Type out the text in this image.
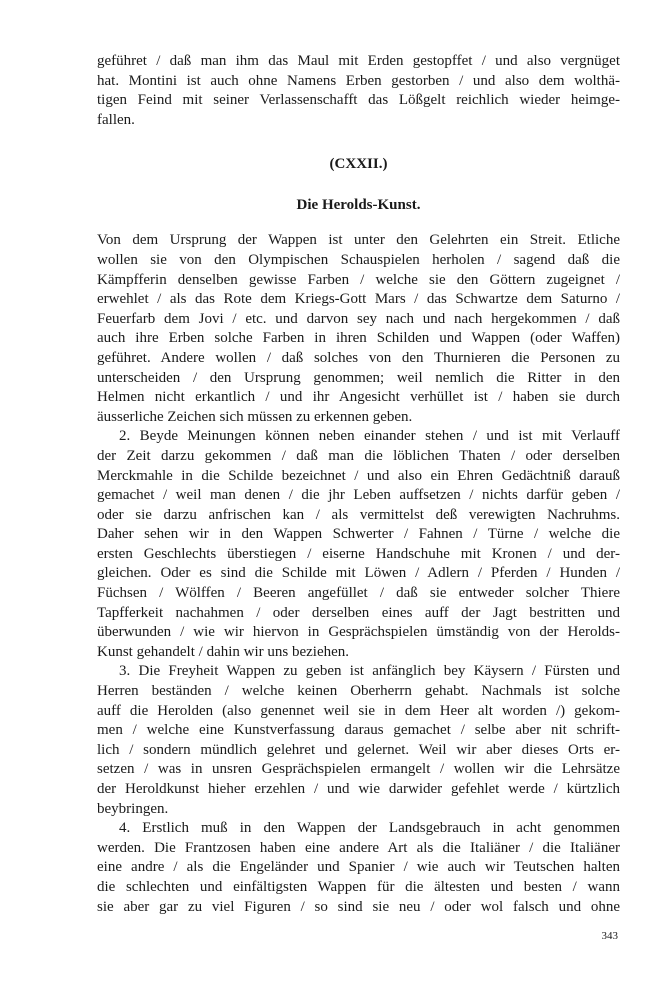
geführet / daß man ihm das Maul mit Erden gestopffet / und also vergnüget
hat. Montini ist auch ohne Namens Erben gestorben / und also dem wolthä-
tigen Feind mit seiner Verlassenschafft das Lößgelt reichlich wieder heimge-
fallen.
(CXXII.)
Die Herolds-Kunst.
Von dem Ursprung der Wappen ist unter den Gelehrten ein Streit. Etliche
wollen sie von den Olympischen Schauspielen herholen / sagend daß die
Kämpfferin denselben gewisse Farben / welche sie den Göttern zugeignet /
erwehlet / als das Rote dem Kriegs-Gott Mars / das Schwartze dem Saturno /
Feuerfarb dem Jovi / etc. und darvon sey nach und nach hergekommen / daß
auch ihre Erben solche Farben in ihren Schilden und Wappen (oder Waffen)
geführet. Andere wollen / daß solches von den Thurnieren die Personen zu
unterscheiden / den Ursprung genommen; weil nemlich die Ritter in den
Helmen nicht erkantlich / und ihr Angesicht verhüllet ist / haben sie durch
äusserliche Zeichen sich müssen zu erkennen geben.
2. Beyde Meinungen können neben einander stehen / und ist mit Verlauff
der Zeit darzu gekommen / daß man die löblichen Thaten / oder derselben
Merckmahle in die Schilde bezeichnet / und also ein Ehren Gedächtniß darauß
gemachet / weil man denen / die jhr Leben auffsetzen / nichts darfür geben /
oder sie darzu anfrischen kan / als vermittelst deß verewigten Nachruhms.
Daher sehen wir in den Wappen Schwerter / Fahnen / Türne / welche die
ersten Geschlechts überstiegen / eiserne Handschuhe mit Kronen / und der-
gleichen. Oder es sind die Schilde mit Löwen / Adlern / Pferden / Hunden /
Füchsen / Wölffen / Beeren angefüllet / daß sie entweder solcher Thiere
Tapfferkeit nachahmen / oder derselben eines auff der Jagt bestritten und
überwunden / wie wir hiervon in Gesprächspielen ümständig von der Herolds-
Kunst gehandelt / dahin wir uns beziehen.
3. Die Freyheit Wappen zu geben ist anfänglich bey Käysern / Fürsten und
Herren beständen / welche keinen Oberherrn gehabt. Nachmals ist solche
auff die Herolden (also genennet weil sie in dem Heer alt worden /) gekom-
men / welche eine Kunstverfassung daraus gemachet / selbe aber nit schrift-
lich / sondern mündlich gelehret und gelernet. Weil wir aber dieses Orts er-
setzen / was in unsren Gesprächspielen ermangelt / wollen wir die Lehrsätze
der Heroldkunst hieher erzehlen / und wie darwider gefehlet werde / kürtzlich
beybringen.
4. Erstlich muß in den Wappen der Landsgebrauch in acht genommen
werden. Die Frantzosen haben eine andere Art als die Italiäner / die Italiäner
eine andre / als die Engeländer und Spanier / wie auch wir Teutschen halten
die schlechten und einfältigsten Wappen für die ältesten und besten / wann
sie aber gar zu viel Figuren / so sind sie neu / oder wol falsch und ohne
343
